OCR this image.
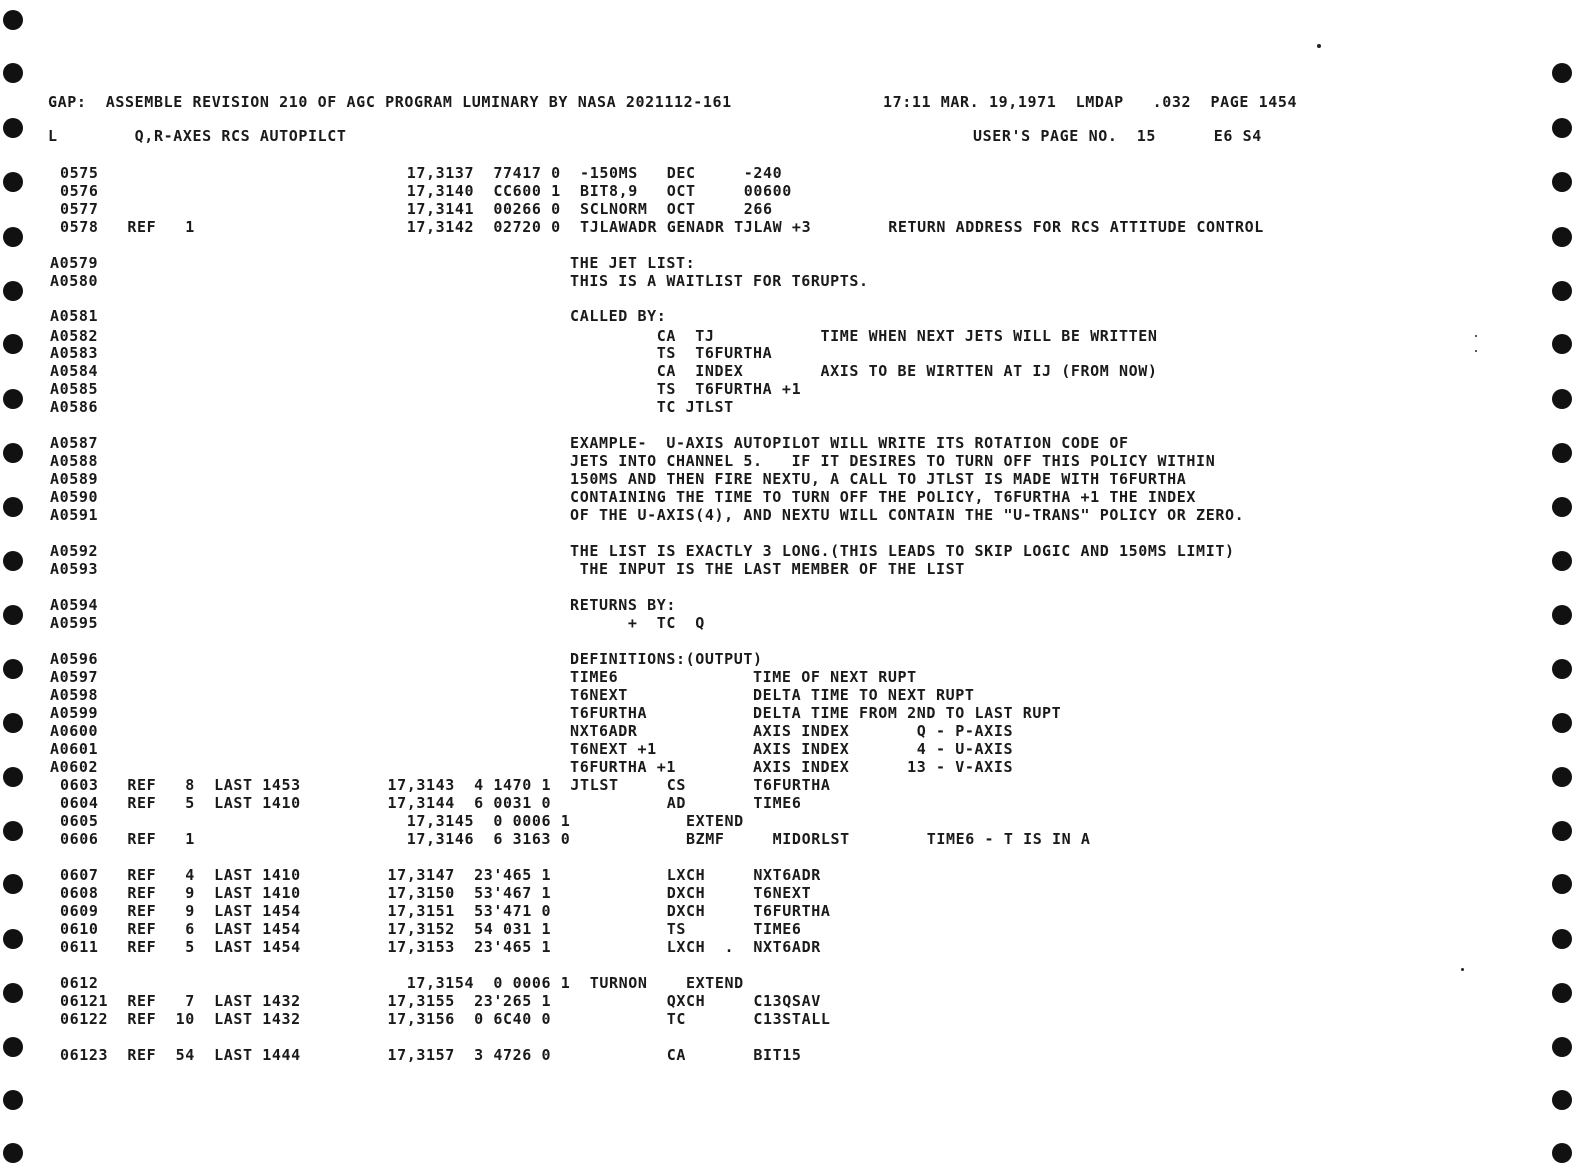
GAP:  ASSEMBLE REVISION 210 OF AGC PROGRAM LUMINARY BY NASA 2021112-161	17:11 MAR. 19,1971  LMDAP   .032  PAGE 1454
L        Q,R-AXES RCS AUTOPILCT	USER'S PAGE NO.  15      E6 S4
0575                                17,3137  77417 0  -150MS   DEC     -240
0576                                17,3140  CC600 1  BIT8,9   OCT     00600
0577                                17,3141  00266 0  SCLNORM  OCT     266
0578   REF   1                      17,3142  02720 0  TJLAWADR GENADR TJLAW +3        RETURN ADDRESS FOR RCS ATTITUDE CONTROL
A0579                                                 THE JET LIST:
A0580                                                 THIS IS A WAITLIST FOR T6RUPTS.
A0581                                                 CALLED BY:
A0582                                                          CA  TJ           TIME WHEN NEXT JETS WILL BE WRITTEN
A0583                                                          TS  T6FURTHA
A0584                                                          CA  INDEX        AXIS TO BE WIRTTEN AT IJ (FROM NOW)
A0585                                                          TS  T6FURTHA +1
A0586                                                          TC JTLST
A0587                                                 EXAMPLE-  U-AXIS AUTOPILOT WILL WRITE ITS ROTATION CODE OF
A0588                                                 JETS INTO CHANNEL 5.   IF IT DESIRES TO TURN OFF THIS POLICY WITHIN
A0589                                                 150MS AND THEN FIRE NEXTU, A CALL TO JTLST IS MADE WITH T6FURTHA
A0590                                                 CONTAINING THE TIME TO TURN OFF THE POLICY, T6FURTHA +1 THE INDEX
A0591                                                 OF THE U-AXIS(4), AND NEXTU WILL CONTAIN THE "U-TRANS" POLICY OR ZERO.
A0592                                                 THE LIST IS EXACTLY 3 LONG.(THIS LEADS TO SKIP LOGIC AND 150MS LIMIT)
A0593                                                  THE INPUT IS THE LAST MEMBER OF THE LIST
A0594                                                 RETURNS BY:
A0595                                                       +  TC  Q
A0596                                                 DEFINITIONS:(OUTPUT)
A0597                                                 TIME6              TIME OF NEXT RUPT
A0598                                                 T6NEXT             DELTA TIME TO NEXT RUPT
A0599                                                 T6FURTHA           DELTA TIME FROM 2ND TO LAST RUPT
A0600                                                 NXT6ADR            AXIS INDEX       Q - P-AXIS
A0601                                                 T6NEXT +1          AXIS INDEX       4 - U-AXIS
A0602                                                 T6FURTHA +1        AXIS INDEX      13 - V-AXIS
0603   REF   8  LAST 1453         17,3143  4 1470 1  JTLST     CS       T6FURTHA
0604   REF   5  LAST 1410         17,3144  6 0031 0            AD       TIME6
0605                                17,3145  0 0006 1            EXTEND
0606   REF   1                      17,3146  6 3163 0            BZMF     MIDORLST        TIME6 - T IS IN A
0607   REF   4  LAST 1410         17,3147  23'465 1            LXCH     NXT6ADR
0608   REF   9  LAST 1410         17,3150  53'467 1            DXCH     T6NEXT
0609   REF   9  LAST 1454         17,3151  53'471 0            DXCH     T6FURTHA
0610   REF   6  LAST 1454         17,3152  54 031 1            TS       TIME6
0611   REF   5  LAST 1454         17,3153  23'465 1            LXCH  .  NXT6ADR
0612                                17,3154  0 0006 1  TURNON    EXTEND
06121  REF   7  LAST 1432         17,3155  23'265 1            QXCH     C13QSAV
06122  REF  10  LAST 1432         17,3156  0 6C40 0            TC       C13STALL
06123  REF  54  LAST 1444         17,3157  3 4726 0            CA       BIT15
